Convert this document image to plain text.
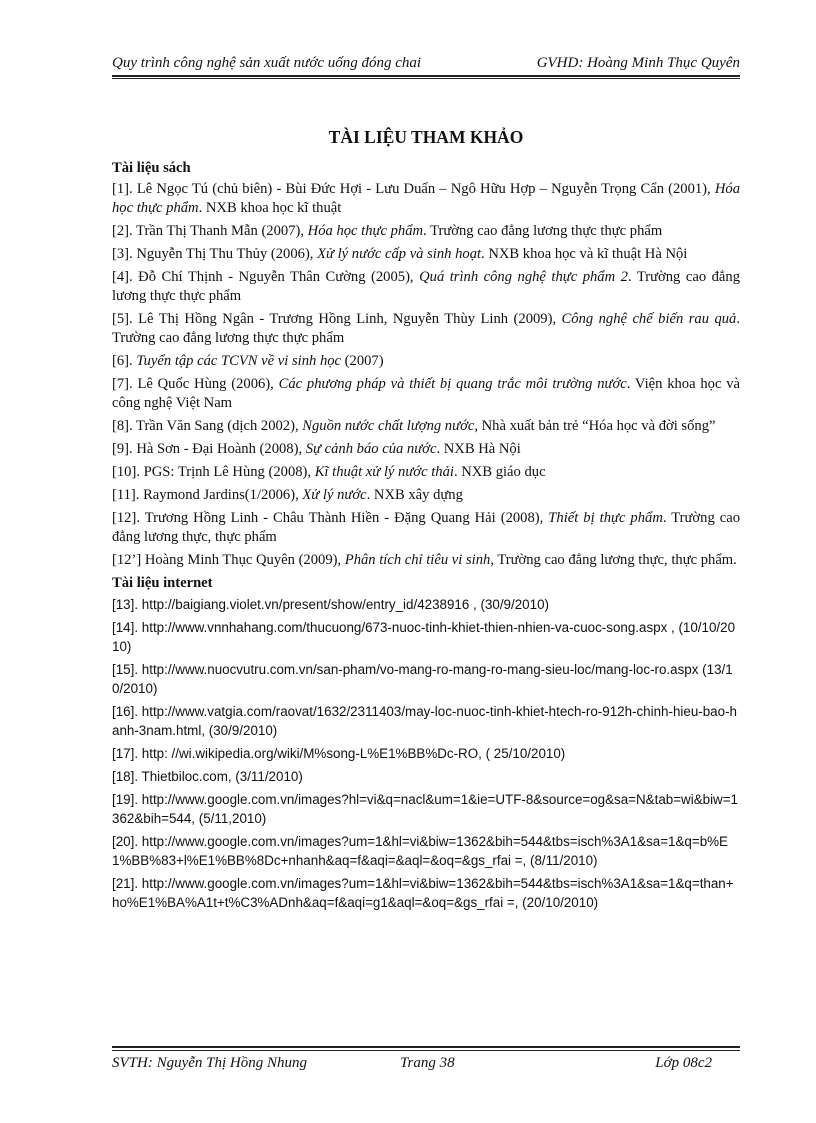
Quy trình công nghệ sản xuất nước uống đóng chai	GVHD: Hoàng Minh Thục Quyên
TÀI LIỆU THAM KHẢO
Tài liệu sách
[1]. Lê Ngọc Tú (chủ biên) - Bùi Đức Hợi - Lưu Duẩn – Ngô Hữu Hợp – Nguyễn Trọng Cẩn (2001), Hóa học thực phẩm. NXB khoa học kĩ thuật
[2]. Trần Thị Thanh Mẫn (2007), Hóa học thực phẩm. Trường cao đẳng lương thực thực phẩm
[3]. Nguyễn Thị Thu Thủy (2006), Xử lý nước cấp và sinh hoạt. NXB khoa học và kĩ thuật Hà Nội
[4]. Đỗ Chí Thịnh - Nguyễn Thân Cường (2005), Quá trình công nghệ thực phẩm 2. Trường cao đẳng lương thực thực phẩm
[5]. Lê Thị Hồng Ngân - Trương Hồng Linh, Nguyễn Thùy Linh (2009), Công nghệ chế biến rau quả. Trường cao đẳng lương thực thực phẩm
[6]. Tuyển tập các TCVN về vi sinh học (2007)
[7]. Lê Quốc Hùng (2006), Các phương pháp và thiết bị quang trắc môi trường nước. Viện khoa học và công nghệ Việt Nam
[8]. Trần Văn Sang (dịch 2002), Nguồn nước chất lượng nước, Nhà xuất bản trẻ “Hóa học và đời sống”
[9]. Hà Sơn - Đại Hoành (2008), Sự cảnh báo của nước. NXB Hà Nội
[10]. PGS: Trịnh Lê Hùng (2008), Kĩ thuật xử lý nước thải. NXB giáo dục
[11]. Raymond Jardins(1/2006), Xử lý nước. NXB xây dựng
[12]. Trương Hồng Linh - Châu Thành Hiền - Đặng Quang Hải (2008), Thiết bị thực phẩm. Trường cao đẳng lương thực, thực phẩm
[12’] Hoàng Minh Thục Quyên (2009), Phân tích chỉ tiêu vi sinh, Trường cao đẳng lương thực, thực phẩm.
Tài liệu internet
[13]. http://baigiang.violet.vn/present/show/entry_id/4238916 , (30/9/2010)
[14]. http://www.vnnhahang.com/thucuong/673-nuoc-tinh-khiet-thien-nhien-va-cuoc-song.aspx , (10/10/2010)
[15]. http://www.nuocvutru.com.vn/san-pham/vo-mang-ro-mang-ro-mang-sieu-loc/mang-loc-ro.aspx (13/10/2010)
[16]. http://www.vatgia.com/raovat/1632/2311403/may-loc-nuoc-tinh-khiet-htech-ro-912h-chinh-hieu-bao-hanh-3nam.html, (30/9/2010)
[17]. http: //wi.wikipedia.org/wiki/M%song-L%E1%BB%Dc-RO, ( 25/10/2010)
[18]. Thietbiloc.com, (3/11/2010)
[19]. http://www.google.com.vn/images?hl=vi&q=nacl&um=1&ie=UTF-8&source=og&sa=N&tab=wi&biw=1362&bih=544, (5/11,2010)
[20]. http://www.google.com.vn/images?um=1&hl=vi&biw=1362&bih=544&tbs=isch%3A1&sa=1&q=b%E1%BB%83+l%E1%BB%8Dc+nhanh&aq=f&aqi=&aql=&oq=&gs_rfai =, (8/11/2010)
[21]. http://www.google.com.vn/images?um=1&hl=vi&biw=1362&bih=544&tbs=isch%3A1&sa=1&q=than+ho%E1%BA%A1t+t%C3%ADnh&aq=f&aqi=g1&aql=&oq=&gs_rfai =, (20/10/2010)
SVTH: Nguyễn Thị Hồng Nhung	Trang 38	Lớp 08c2
